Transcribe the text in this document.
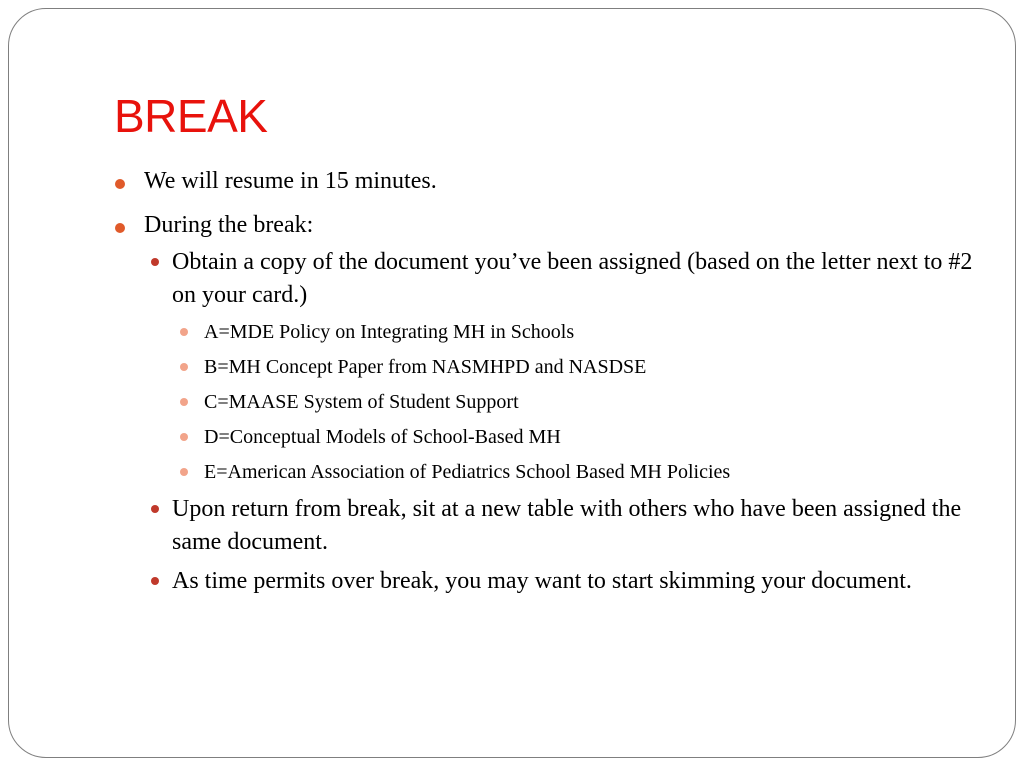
BREAK
We will resume in 15 minutes.
During the break:
Obtain a copy of the document you’ve been assigned (based on the letter next to #2 on your card.)
A=MDE Policy on Integrating MH in Schools
B=MH Concept Paper from NASMHPD and NASDSE
C=MAASE System of Student Support
D=Conceptual Models of School-Based MH
E=American Association of Pediatrics School Based MH Policies
Upon return from break, sit at a new table with others who have been assigned the same document.
As time permits over break, you may want to start skimming your document.
